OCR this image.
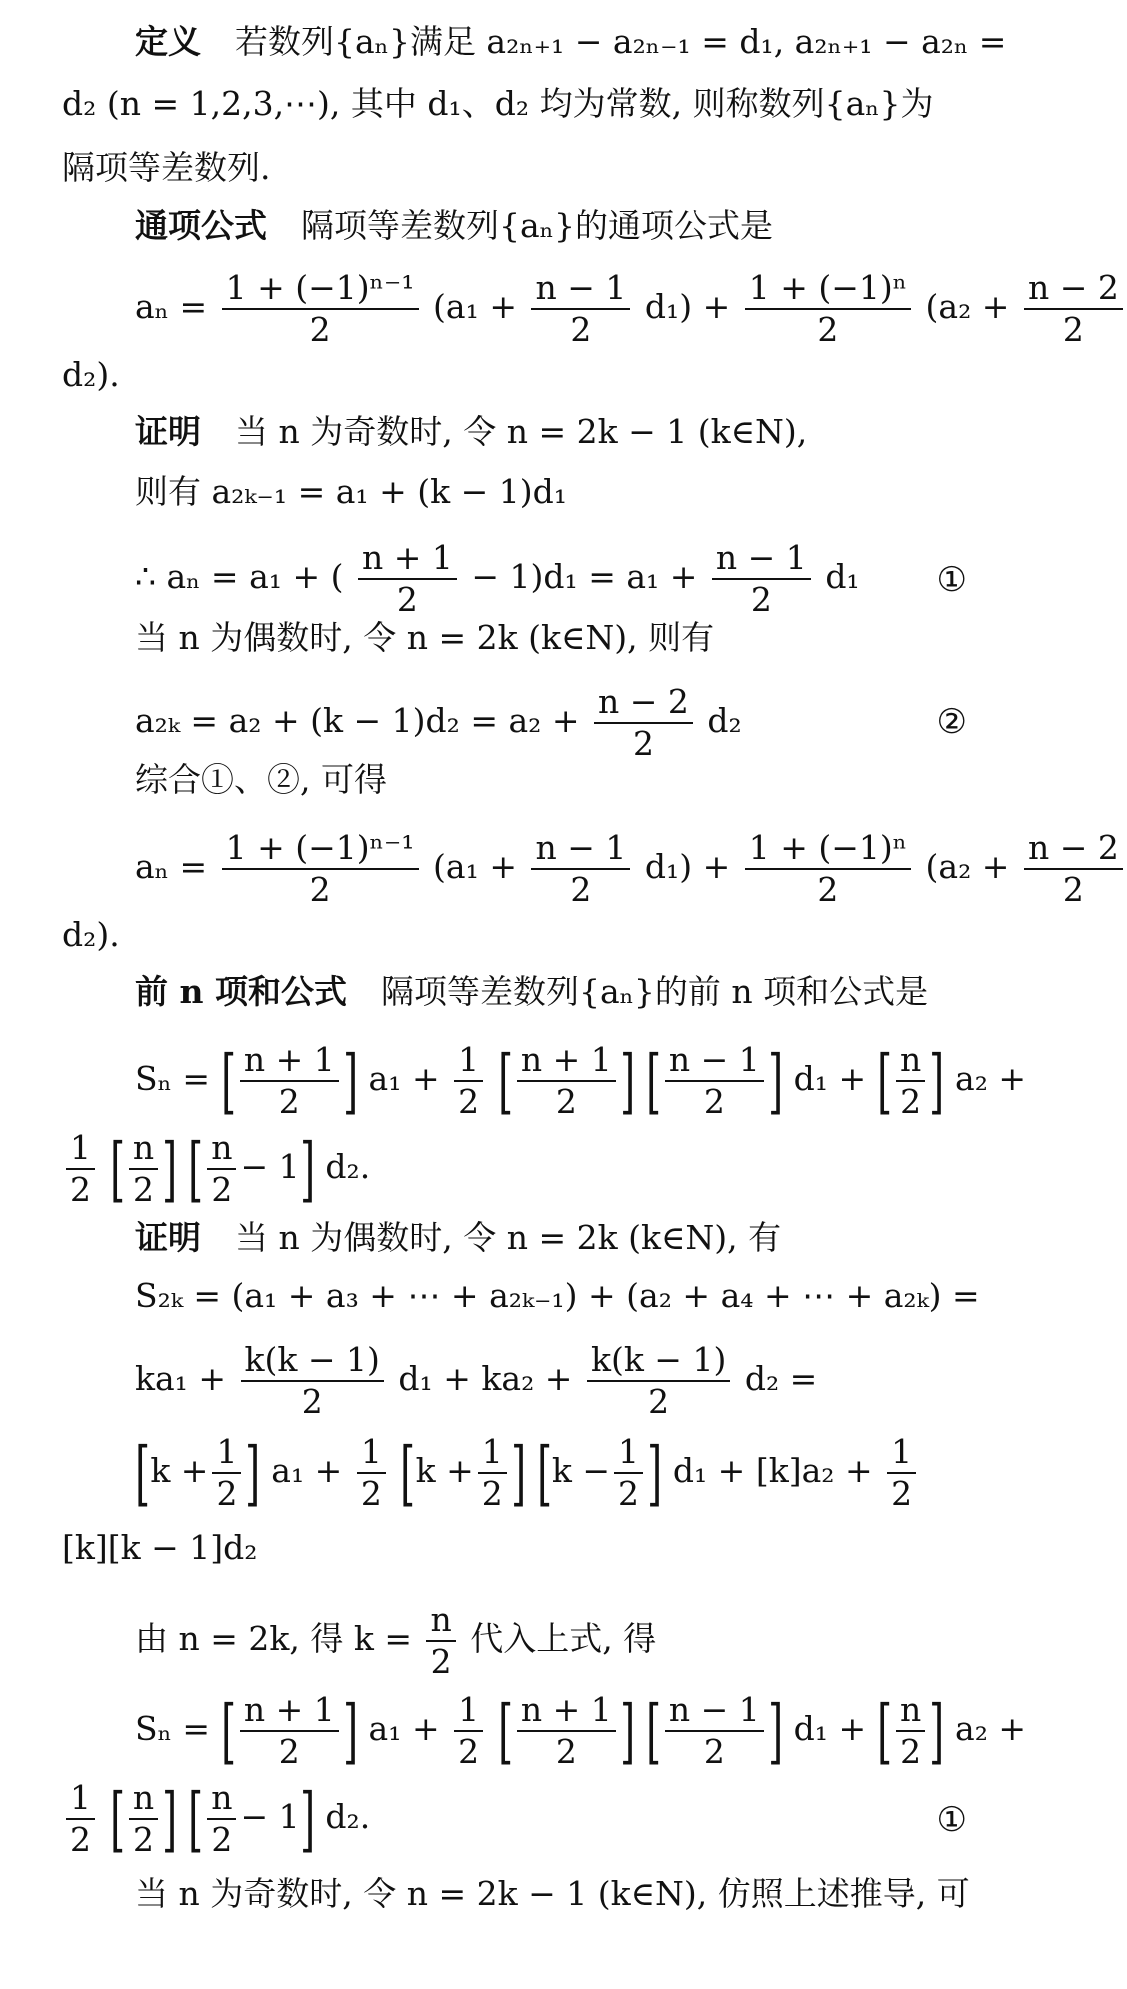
定义 若数列{aₙ}满足 a₂ₙ₊₁ − a₂ₙ₋₁ = d₁, a₂ₙ₊₁ − a₂ₙ =
d₂ (n = 1,2,3,⋯), 其中 d₁、d₂ 均为常数, 则称数列{aₙ}为
隔项等差数列.
通项公式 隔项等差数列{aₙ}的通项公式是
$a_n = \frac{\text{1 + (−1)ⁿ⁻¹}}{2} (a_1 + \frac{n - 1}{2} d_1) + \frac{\text{1 + (−1)ⁿ}}{2} (a_2 + \frac{n - 2}{2}$
d₂).
证明 当 n 为奇数时, 令 n = 2k − 1 (k∈N),
则有 a₂ₖ₋₁ = a₁ + (k − 1)d₁
∴ aₙ = a₁ + ( $\frac{n + 1}{2} - 1)d_1 = a_1 + \frac{n - 1}{2} d_1$ ①
当 n 为偶数时, 令 n = 2k (k∈N), 则有
$a_{2k} = a_2 + (k - 1)d_2 = a_2 + \frac{n - 2}{2} d_2$	②
综合①、②, 可得
$a_n = \frac{\text{1 + (−1)ⁿ⁻¹}}{2} (a_1 + \frac{n - 1}{2} d_1) + \frac{\text{1 + (−1)ⁿ}}{2} (a_2 + \frac{n - 2}{2}$
d₂).
前 n 项和公式 隔项等差数列{aₙ}的前 n 项和公式是
Sₙ = [ $\frac{n + 1}{2}$ ] $a_1 + \frac{1}{2}$ [ $\frac{n + 1}{2}$ ] [ $\frac{n - 1}{2}$ ] d₁ + [ $\frac{n}{2}$ ] a₂ +
$\frac{1}{2}$ [ $\frac{n}{2}$ ] [ $\frac{n}{2} - 1$] d₂.
证明 当 n 为偶数时, 令 n = 2k (k∈N), 有
S₂ₖ = (a₁ + a₃ + ⋯ + a₂ₖ₋₁) + (a₂ + a₄ + ⋯ + a₂ₖ) =
$ka_1 + \frac{k(k - 1)}{2} d_1 + ka_2 + \frac{k(k - 1)}{2} d_2$ =
[$k + \frac{1}{2}$ ] $a_1 + \frac{1}{2} [k + \frac{1}{2}$ ] [$k - \frac{1}{2}$ ] $d_1 + [k]a_2 + \frac{1}{2}$
[k][k − 1]d₂
由 n = 2k, 得 $k = \frac{n}{2}$ 代入上式, 得
Sₙ = [ $\frac{n + 1}{2}$ ] $a_1 + \frac{1}{2}$ [ $\frac{n + 1}{2}$ ] [ $\frac{n - 1}{2}$ ] d₁ + [ $\frac{n}{2}$ ] a₂ +
$\frac{1}{2}$ [ $\frac{n}{2}$ ] [ $\frac{n}{2} - 1$] d₂.	①
当 n 为奇数时, 令 n = 2k − 1 (k∈N), 仿照上述推导, 可
